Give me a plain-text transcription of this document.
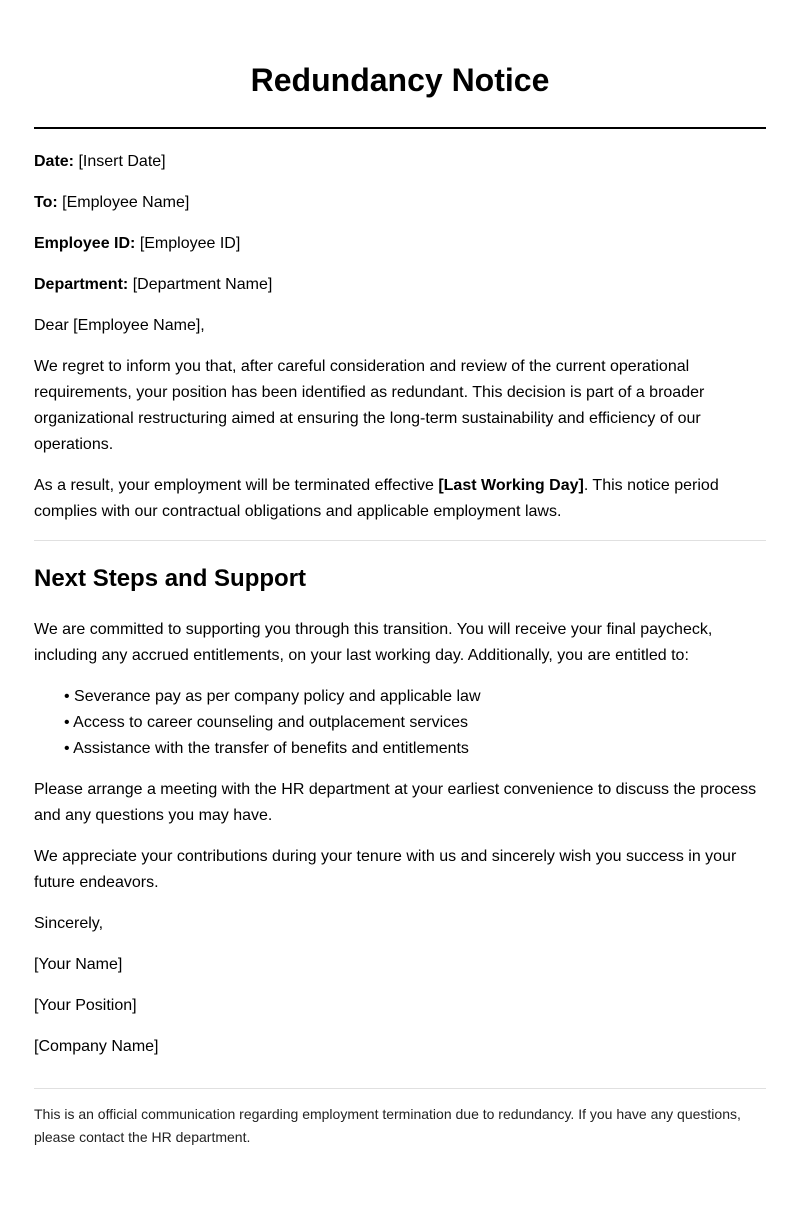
Redundancy Notice
Date: [Insert Date]
To: [Employee Name]
Employee ID: [Employee ID]
Department: [Department Name]

Dear [Employee Name],

We regret to inform you that, after careful consideration and review of the current operational requirements, your position has been identified as redundant. This decision is part of a broader organizational restructuring aimed at ensuring the long-term sustainability and efficiency of our operations.

As a result, your employment will be terminated effective [Last Working Day]. This notice period complies with our contractual obligations and applicable employment laws.

Next Steps and Support

We are committed to supporting you through this transition. You will receive your final paycheck, including any accrued entitlements, on your last working day. Additionally, you are entitled to:

• Severance pay as per company policy and applicable law
• Access to career counseling and outplacement services
• Assistance with the transfer of benefits and entitlements

Please arrange a meeting with the HR department at your earliest convenience to discuss the process and any questions you may have.

We appreciate your contributions during your tenure with us and sincerely wish you success in your future endeavors.

Sincerely,

[Your Name]

[Your Position]

[Company Name]

This is an official communication regarding employment termination due to redundancy. If you have any questions, please contact the HR department.
